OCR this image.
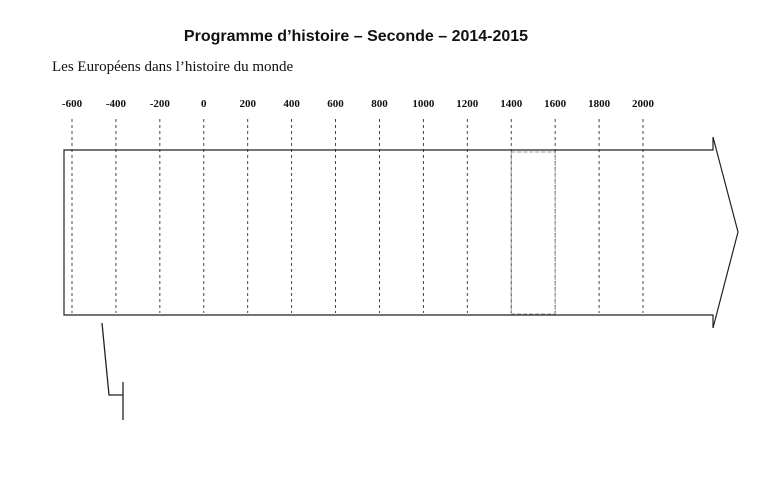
Programme d’histoire – Seconde – 2014-2015
Les Européens dans l’histoire du monde
-600 -400 -200	0	200 400 600 800 1000 1200 1400 1600 1800 2000
